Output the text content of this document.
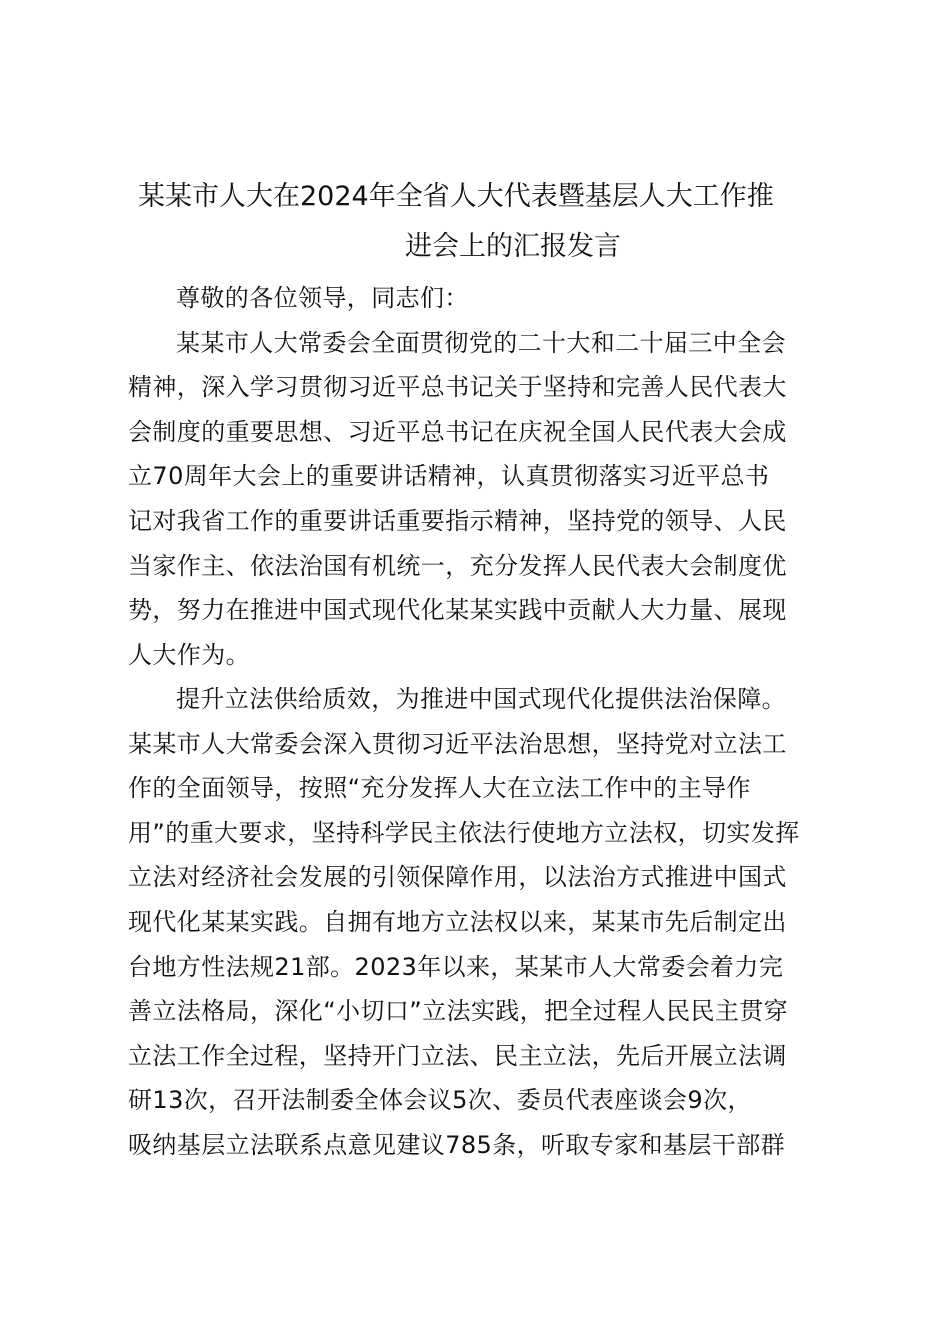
某某市人大在2024年全省人大代表暨基层人大工作推
进会上的汇报发言
尊敬的各位领导，同志们：
某某市人大常委会全面贯彻党的二十大和二十届三中全会
精神，深入学习贯彻习近平总书记关于坚持和完善人民代表大
会制度的重要思想、习近平总书记在庆祝全国人民代表大会成
立70周年大会上的重要讲话精神，认真贯彻落实习近平总书
记对我省工作的重要讲话重要指示精神，坚持党的领导、人民
当家作主、依法治国有机统一，充分发挥人民代表大会制度优
势，努力在推进中国式现代化某某实践中贡献人大力量、展现
人大作为。
提升立法供给质效，为推进中国式现代化提供法治保障。
某某市人大常委会深入贯彻习近平法治思想，坚持党对立法工
作的全面领导，按照“充分发挥人大在立法工作中的主导作
用”的重大要求，坚持科学民主依法行使地方立法权，切实发挥
立法对经济社会发展的引领保障作用，以法治方式推进中国式
现代化某某实践。自拥有地方立法权以来，某某市先后制定出
台地方性法规21部。2023年以来，某某市人大常委会着力完
善立法格局，深化“小切口”立法实践，把全过程人民民主贯穿
立法工作全过程，坚持开门立法、民主立法，先后开展立法调
研13次，召开法制委全体会议5次、委员代表座谈会9次，
吸纳基层立法联系点意见建议785条，听取专家和基层干部群
